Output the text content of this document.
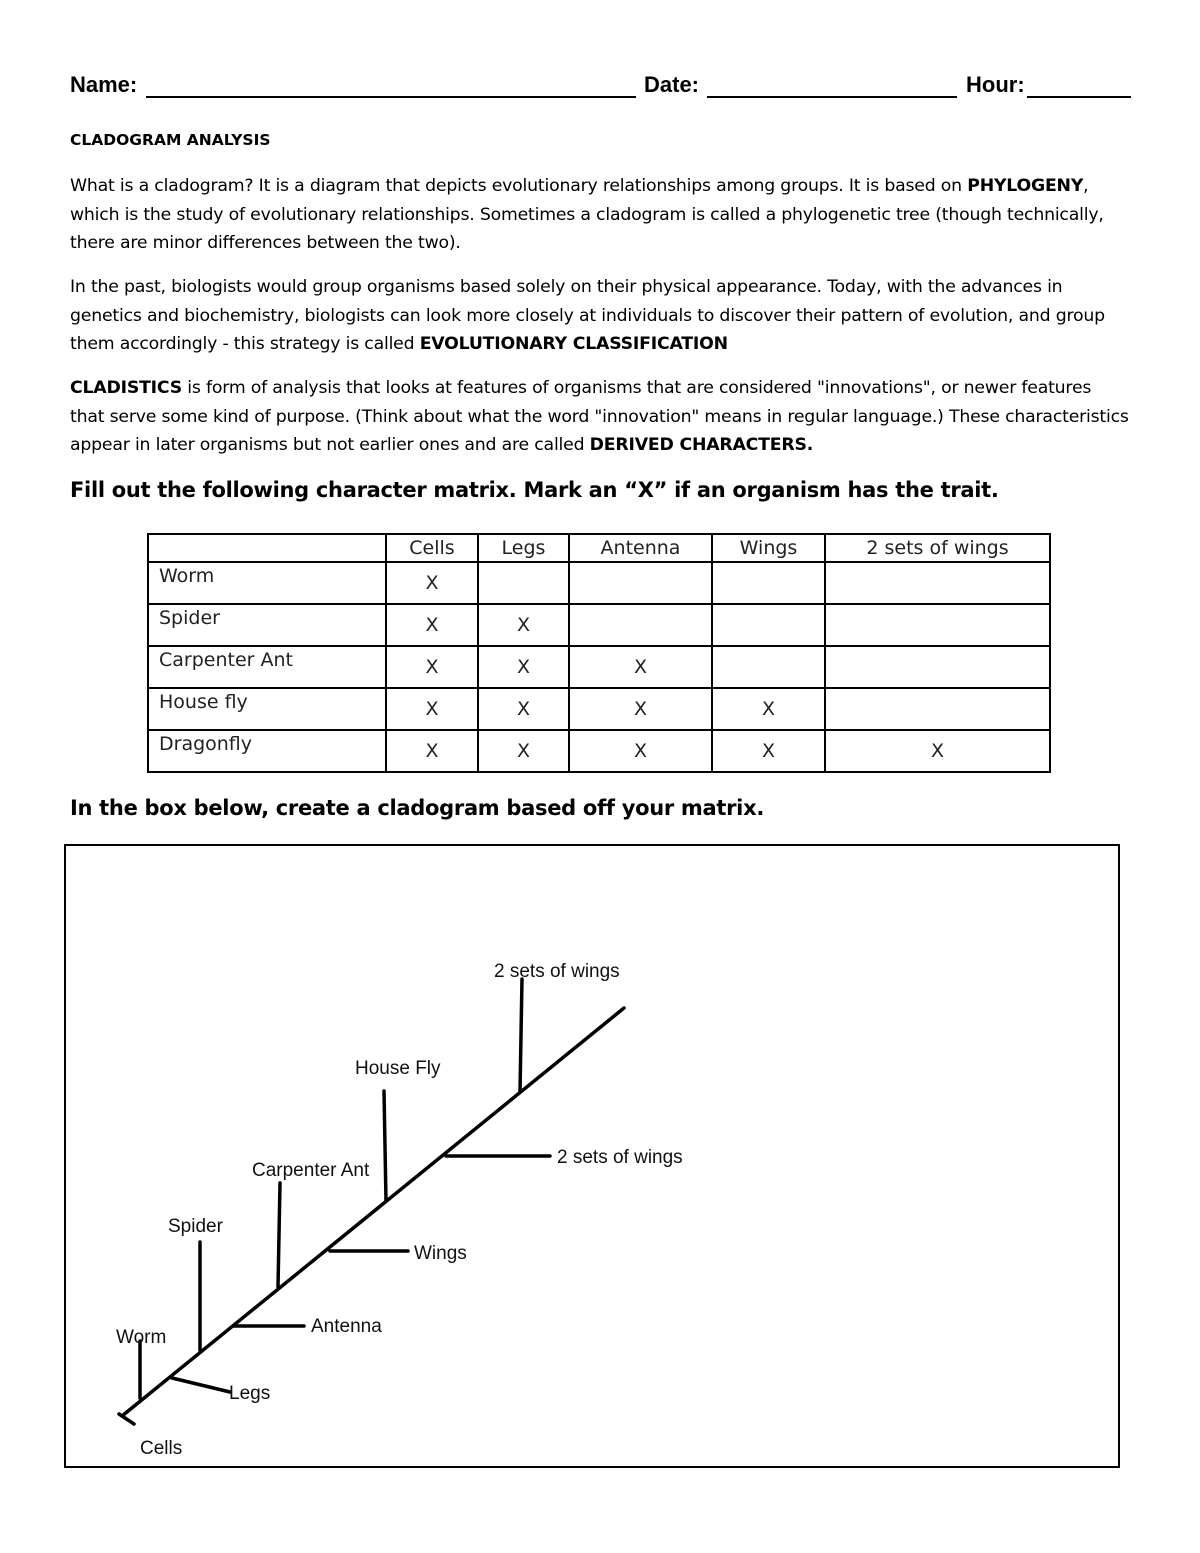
Name:	Date:	Hour:
CLADOGRAM ANALYSIS
What is a cladogram? It is a diagram that depicts evolutionary relationships among groups. It is based on PHYLOGENY, which is the study of evolutionary relationships. Sometimes a cladogram is called a phylogenetic tree (though technically, there are minor differences between the two).
In the past, biologists would group organisms based solely on their physical appearance. Today, with the advances in genetics and biochemistry, biologists can look more closely at individuals to discover their pattern of evolution, and group them accordingly - this strategy is called EVOLUTIONARY CLASSIFICATION
CLADISTICS is form of analysis that looks at features of organisms that are considered "innovations", or newer features that serve some kind of purpose. (Think about what the word "innovation" means in regular language.) These characteristics appear in later organisms but not earlier ones and are called DERIVED CHARACTERS.
Fill out the following character matrix. Mark an “X” if an organism has the trait.
	Cells	Legs	Antenna	Wings	2 sets of wings
Worm	X				
Spider	X	X			
Carpenter Ant	X	X	X		
House fly	X	X	X	X	
Dragonfly	X	X	X	X	X
In the box below, create a cladogram based off your matrix.
Cells
Worm
Legs
Spider
Antenna
Carpenter Ant
Wings
House Fly
2 sets of wings
2 sets of wings
